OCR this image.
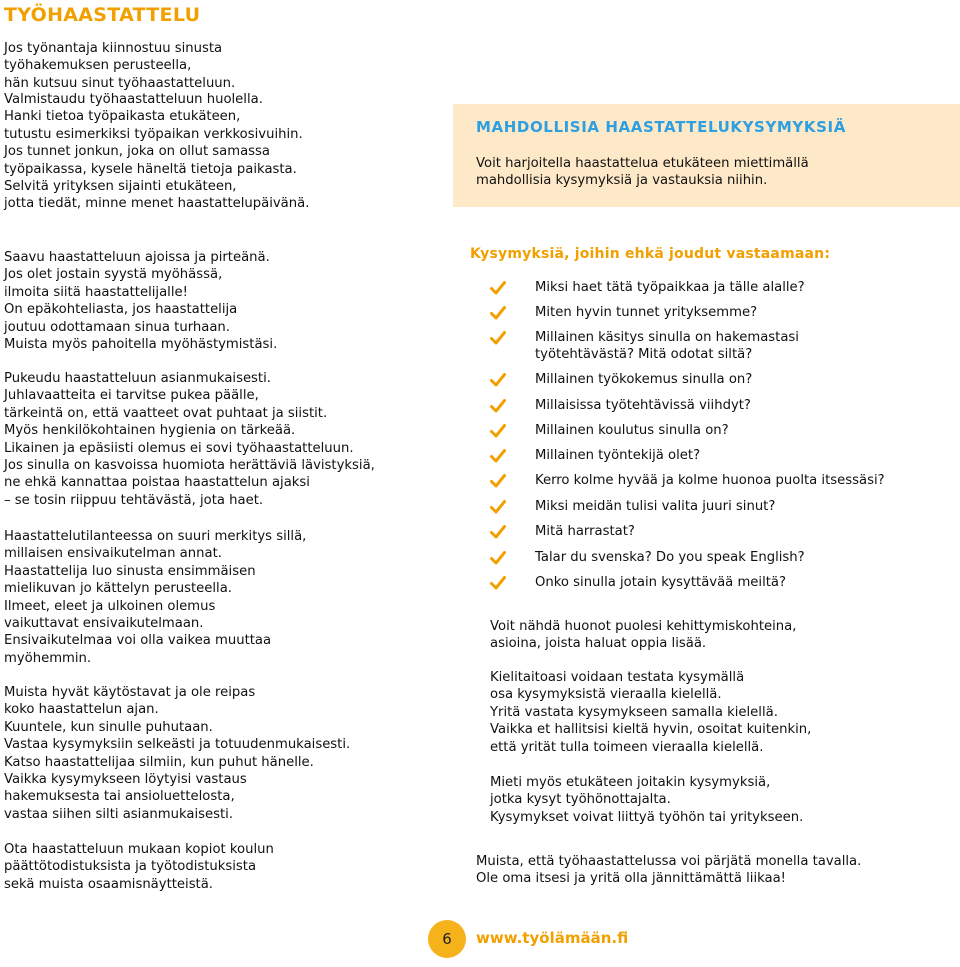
TYÖHAASTATTELU

Jos työnantaja kiinnostuu sinusta
työhakemuksen perusteella,
hän kutsuu sinut työhaastatteluun.

Valmistaudu työhaastatteluun huolella.
Hanki tietoa työpaikasta etukäteen,
tutustu esimerkiksi työpaikan verkkosivuihin.
Jos tunnet jonkun, joka on ollut samassa
työpaikassa, kysele häneltä tietoja paikasta.
Selvitä yrityksen sijainti etukäteen,
jotta tiedät, minne menet haastattelupäivänä.

Saavu haastatteluun ajoissa ja pirteänä.
Jos olet jostain syystä myöhässä,
ilmoita siitä haastattelijalle!
On epäkohteliasta, jos haastattelija
joutuu odottamaan sinua turhaan.
Muista myös pahoitella myöhästymistäsi.

Pukeudu haastatteluun asianmukaisesti.
Juhlavaatteita ei tarvitse pukea päälle,
tärkeintä on, että vaatteet ovat puhtaat ja siistit.
Myös henkilökohtainen hygienia on tärkeää.
Likainen ja epäsiisti olemus ei sovi työhaastatteluun.
Jos sinulla on kasvoissa huomiota herättäviä lävistyksiä,
ne ehkä kannattaa poistaa haastattelun ajaksi
– se tosin riippuu tehtävästä, jota haet.

Haastattelutilanteessa on suuri merkitys sillä,
millaisen ensivaikutelman annat.
Haastattelija luo sinusta ensimmäisen
mielikuvan jo kättelyn perusteella.
Ilmeet, eleet ja ulkoinen olemus
vaikuttavat ensivaikutelmaan.
Ensivaikutelmaa voi olla vaikea muuttaa
myöhemmin.

Muista hyvät käytöstavat ja ole reipas
koko haastattelun ajan.
Kuuntele, kun sinulle puhutaan.
Vastaa kysymyksiin selkeästi ja totuudenmukaisesti.
Katso haastattelijaa silmiin, kun puhut hänelle.
Vaikka kysymykseen löytyisi vastaus
hakemuksesta tai ansioluettelosta,
vastaa siihen silti asianmukaisesti.

Ota haastatteluun mukaan kopiot koulun
päättötodistuksista ja työtodistuksista
sekä muista osaamisnäytteistä.

MAHDOLLISIA HAASTATTELUKYSYMYKSIÄ

Voit harjoitella haastattelua etukäteen miettimällä
mahdollisia kysymyksiä ja vastauksia niihin.

Kysymyksiä, joihin ehkä joudut vastaamaan:
Miksi haet tätä työpaikkaa ja tälle alalle?
Miten hyvin tunnet yrityksemme?
Millainen käsitys sinulla on hakemastasi
työtehtävästä? Mitä odotat siltä?
Millainen työkokemus sinulla on?
Millaisissa työtehtävissä viihdyt?
Millainen koulutus sinulla on?
Millainen työntekijä olet?
Kerro kolme hyvää ja kolme huonoa puolta itsessäsi?
Miksi meidän tulisi valita juuri sinut?
Mitä harrastat?
Talar du svenska? Do you speak English?
Onko sinulla jotain kysyttävää meiltä?

Voit nähdä huonot puolesi kehittymiskohteina,
asioina, joista haluat oppia lisää.

Kielitaitoasi voidaan testata kysymällä
osa kysymyksistä vieraalla kielellä.
Yritä vastata kysymykseen samalla kielellä.
Vaikka et hallitsisi kieltä hyvin, osoitat kuitenkin,
että yrität tulla toimeen vieraalla kielellä.

Mieti myös etukäteen joitakin kysymyksiä,
jotka kysyt työhönottajalta.
Kysymykset voivat liittyä työhön tai yritykseen.

Muista, että työhaastattelussa voi pärjätä monella tavalla.
Ole oma itsesi ja yritä olla jännittämättä liikaa!

6	www.työlämään.fi
